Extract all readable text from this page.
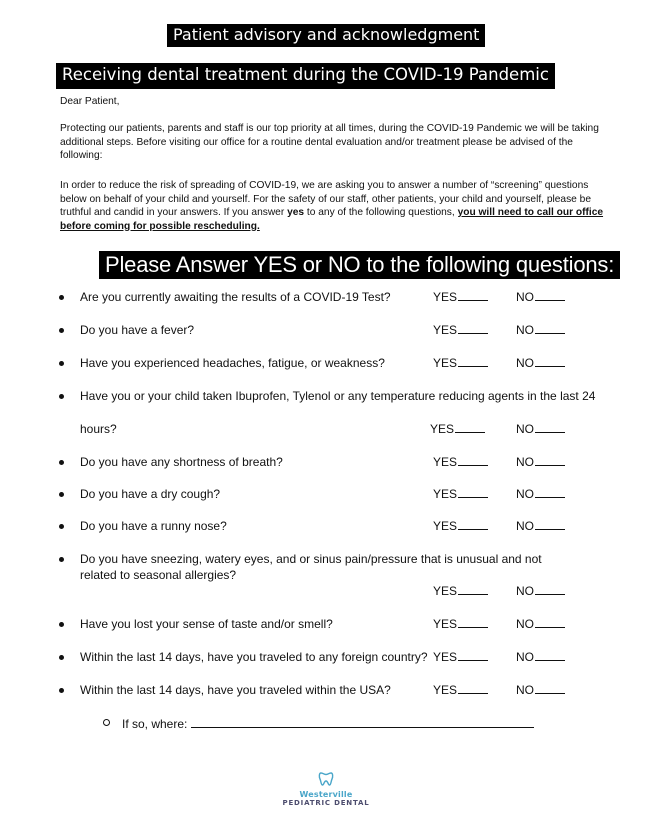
Patient advisory and acknowledgment
Receiving dental treatment during the COVID-19 Pandemic

Dear Patient,

Protecting our patients, parents and staff is our top priority at all times, during the COVID-19 Pandemic we will be taking additional steps. Before visiting our office for a routine dental evaluation and/or treatment please be advised of the following:

In order to reduce the risk of spreading of COVID-19, we are asking you to answer a number of “screening” questions below on behalf of your child and yourself. For the safety of our staff, other patients, your child and yourself, please be truthful and candid in your answers. If you answer yes to any of the following questions, you will need to call our office before coming for possible rescheduling.

Please Answer YES or NO to the following questions:
Are you currently awaiting the results of a COVID-19 Test?	YES	NO
Do you have a fever?	YES	NO
Have you experienced headaches, fatigue, or weakness?	YES	NO
Have you or your child taken Ibuprofen, Tylenol or any temperature reducing agents in the last 24
hours?	YES	NO
Do you have any shortness of breath?	YES	NO
Do you have a dry cough?	YES	NO
Do you have a runny nose?	YES	NO
Do you have sneezing, watery eyes, and or sinus pain/pressure that is unusual and not related to seasonal allergies?
YES	NO
Have you lost your sense of taste and/or smell?	YES	NO
Within the last 14 days, have you traveled to any foreign country? YES	NO
Within the last 14 days, have you traveled within the USA?	YES	NO
If so, where:
Westerville
PEDIATRIC DENTAL
